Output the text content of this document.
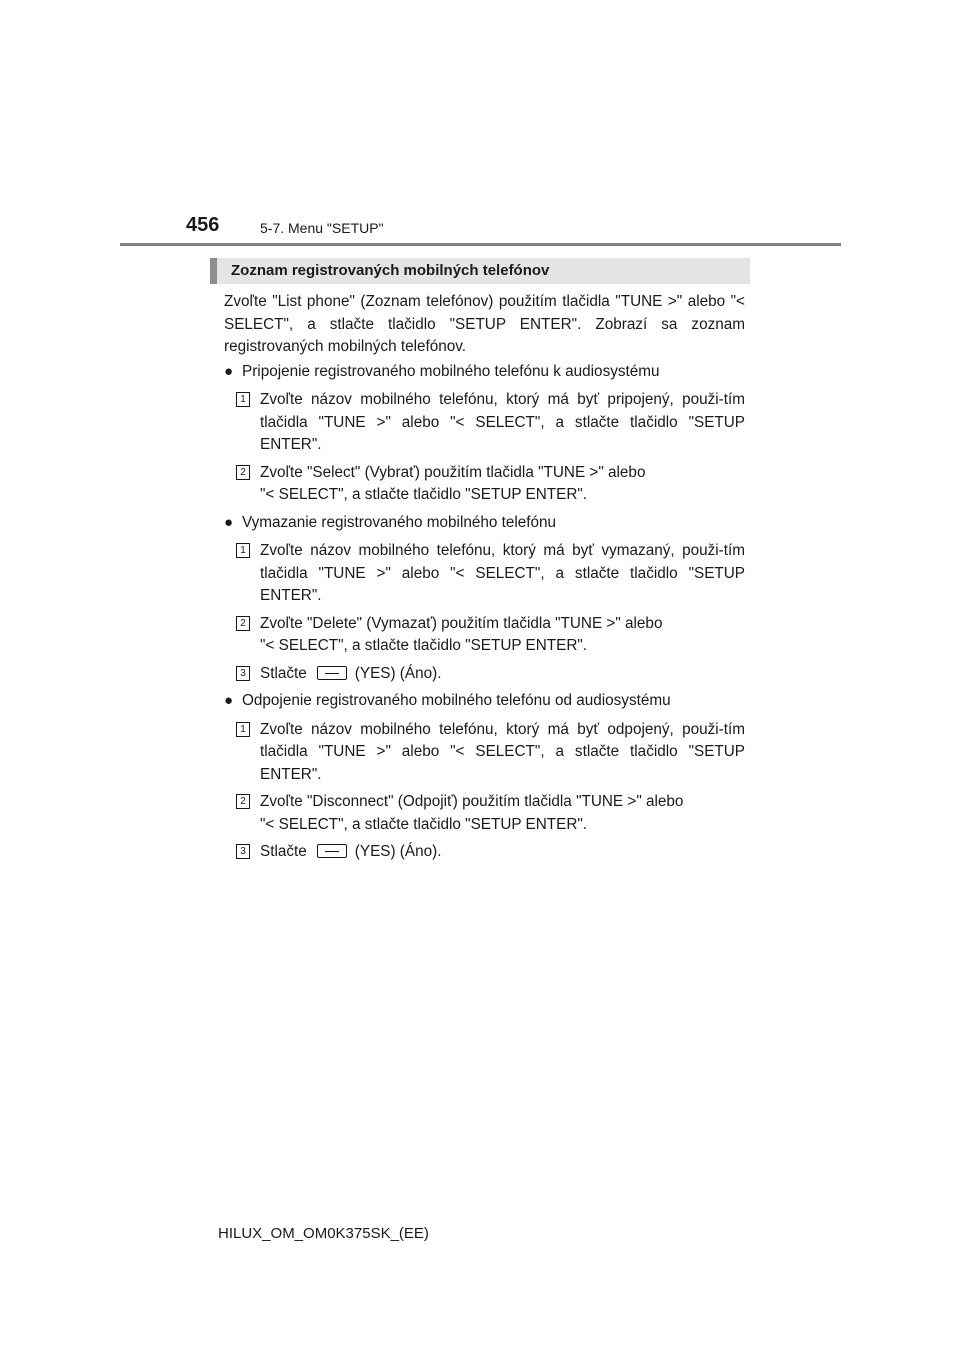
456	5-7. Menu "SETUP"
Zoznam registrovaných mobilných telefónov

Zvoľte "List phone" (Zoznam telefónov) použitím tlačidla "TUNE >" alebo "< SELECT", a stlačte tlačidlo "SETUP ENTER". Zobrazí sa zoznam registrovaných mobilných telefónov.

● Pripojenie registrovaného mobilného telefónu k audiosystému
1 Zvoľte názov mobilného telefónu, ktorý má byť pripojený, použi-tím tlačidla "TUNE >" alebo "< SELECT", a stlačte tlačidlo "SETUP ENTER".
2 Zvoľte "Select" (Vybrať) použitím tlačidla "TUNE >" alebo
"< SELECT", a stlačte tlačidlo "SETUP ENTER".
● Vymazanie registrovaného mobilného telefónu
1 Zvoľte názov mobilného telefónu, ktorý má byť vymazaný, použi-tím tlačidla "TUNE >" alebo "< SELECT", a stlačte tlačidlo "SETUP ENTER".
2 Zvoľte "Delete" (Vymazať) použitím tlačidla "TUNE >" alebo
"< SELECT", a stlačte tlačidlo "SETUP ENTER".
3 Stlačte	(YES) (Áno).
● Odpojenie registrovaného mobilného telefónu od audiosystému
1 Zvoľte názov mobilného telefónu, ktorý má byť odpojený, použi-tím tlačidla "TUNE >" alebo "< SELECT", a stlačte tlačidlo "SETUP ENTER".
2 Zvoľte "Disconnect" (Odpojiť) použitím tlačidla "TUNE >" alebo
"< SELECT", a stlačte tlačidlo "SETUP ENTER".
3 Stlačte	(YES) (Áno).
HILUX_OM_OM0K375SK_(EE)
